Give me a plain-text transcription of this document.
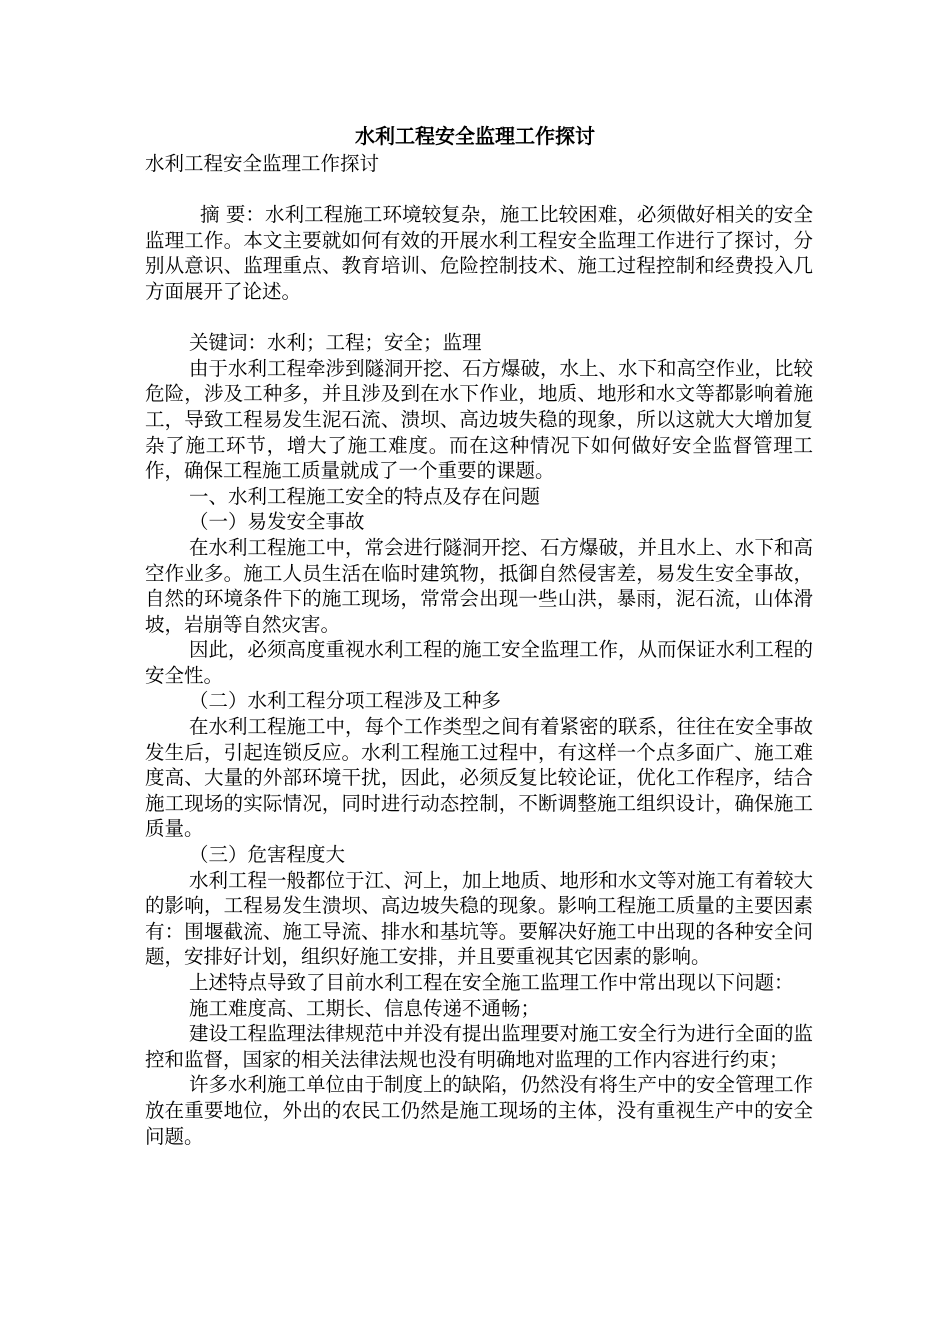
水利工程安全监理工作探讨

水利工程安全监理工作探讨

摘 要：水利工程施工环境较复杂，施工比较困难，必须做好相关的安全监理工作。本文主要就如何有效的开展水利工程安全监理工作进行了探讨，分别从意识、监理重点、教育培训、危险控制技术、施工过程控制和经费投入几方面展开了论述。

关键词：水利；工程；安全；监理

由于水利工程牵涉到隧洞开挖、石方爆破，水上、水下和高空作业，比较危险，涉及工种多，并且涉及到在水下作业，地质、地形和水文等都影响着施工，导致工程易发生泥石流、溃坝、高边坡失稳的现象，所以这就大大增加复杂了施工环节，增大了施工难度。而在这种情况下如何做好安全监督管理工作，确保工程施工质量就成了一个重要的课题。

一、水利工程施工安全的特点及存在问题

（一）易发安全事故

在水利工程施工中，常会进行隧洞开挖、石方爆破，并且水上、水下和高空作业多。施工人员生活在临时建筑物，抵御自然侵害差，易发生安全事故，自然的环境条件下的施工现场，常常会出现一些山洪，暴雨，泥石流，山体滑坡，岩崩等自然灾害。

因此，必须高度重视水利工程的施工安全监理工作，从而保证水利工程的安全性。

（二）水利工程分项工程涉及工种多

在水利工程施工中，每个工作类型之间有着紧密的联系，往往在安全事故发生后，引起连锁反应。水利工程施工过程中，有这样一个点多面广、施工难度高、大量的外部环境干扰，因此，必须反复比较论证，优化工作程序，结合施工现场的实际情况，同时进行动态控制，不断调整施工组织设计，确保施工质量。

（三）危害程度大

水利工程一般都位于江、河上，加上地质、地形和水文等对施工有着较大的影响，工程易发生溃坝、高边坡失稳的现象。影响工程施工质量的主要因素有：围堰截流、施工导流、排水和基坑等。要解决好施工中出现的各种安全问题，安排好计划，组织好施工安排，并且要重视其它因素的影响。

上述特点导致了目前水利工程在安全施工监理工作中常出现以下问题：

施工难度高、工期长、信息传递不通畅；

建设工程监理法律规范中并没有提出监理要对施工安全行为进行全面的监控和监督，国家的相关法律法规也没有明确地对监理的工作内容进行约束；

许多水利施工单位由于制度上的缺陷，仍然没有将生产中的安全管理工作放在重要地位，外出的农民工仍然是施工现场的主体，没有重视生产中的安全问题。
